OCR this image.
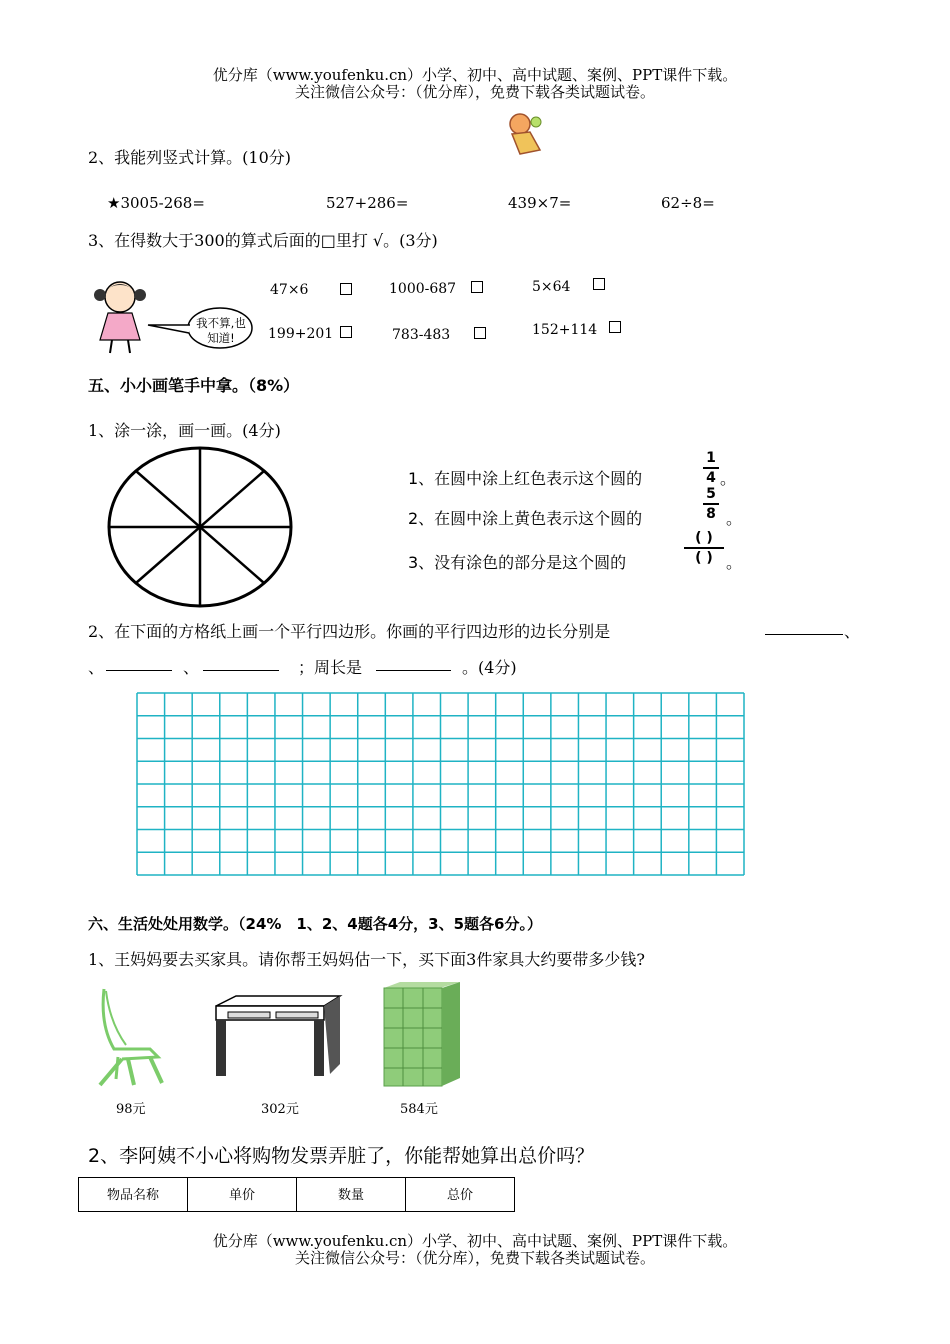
优分库（www.youfenku.cn）小学、初中、高中试题、案例、PPT课件下载。
关注微信公众号：（优分库），免费下载各类试题试卷。
2、我能列竖式计算。(10分)
★3005-268=	527+286=	439×7=	62÷8=
3、在得数大于300的算式后面的□里打 √。(3分)
我不算,也知道!
47×6	1000-687	5×64
199+201	783-483	152+114
五、小小画笔手中拿。（8%）
1、涂一涂，画一画。(4分)
1、在圆中涂上红色表示这个圆的
1
4 。
2、在圆中涂上黄色表示这个圆的
5
8 。
3、没有涂色的部分是这个圆的
( )
( ) 。
2、在下面的方格纸上画一个平行四边形。你画的平行四边形的边长分别是	、
、	、	；周长是	。(4分)
六、生活处处用数学。（24%　1、2、4题各4分，3、5题各6分。）
1、王妈妈要去买家具。请你帮王妈妈估一下，买下面3件家具大约要带多少钱?
98元	302元	584元
2、李阿姨不小心将购物发票弄脏了，你能帮她算出总价吗？
物品名称	单价	数量	总价
优分库（www.youfenku.cn）小学、初中、高中试题、案例、PPT课件下载。
关注微信公众号：（优分库），免费下载各类试题试卷。
